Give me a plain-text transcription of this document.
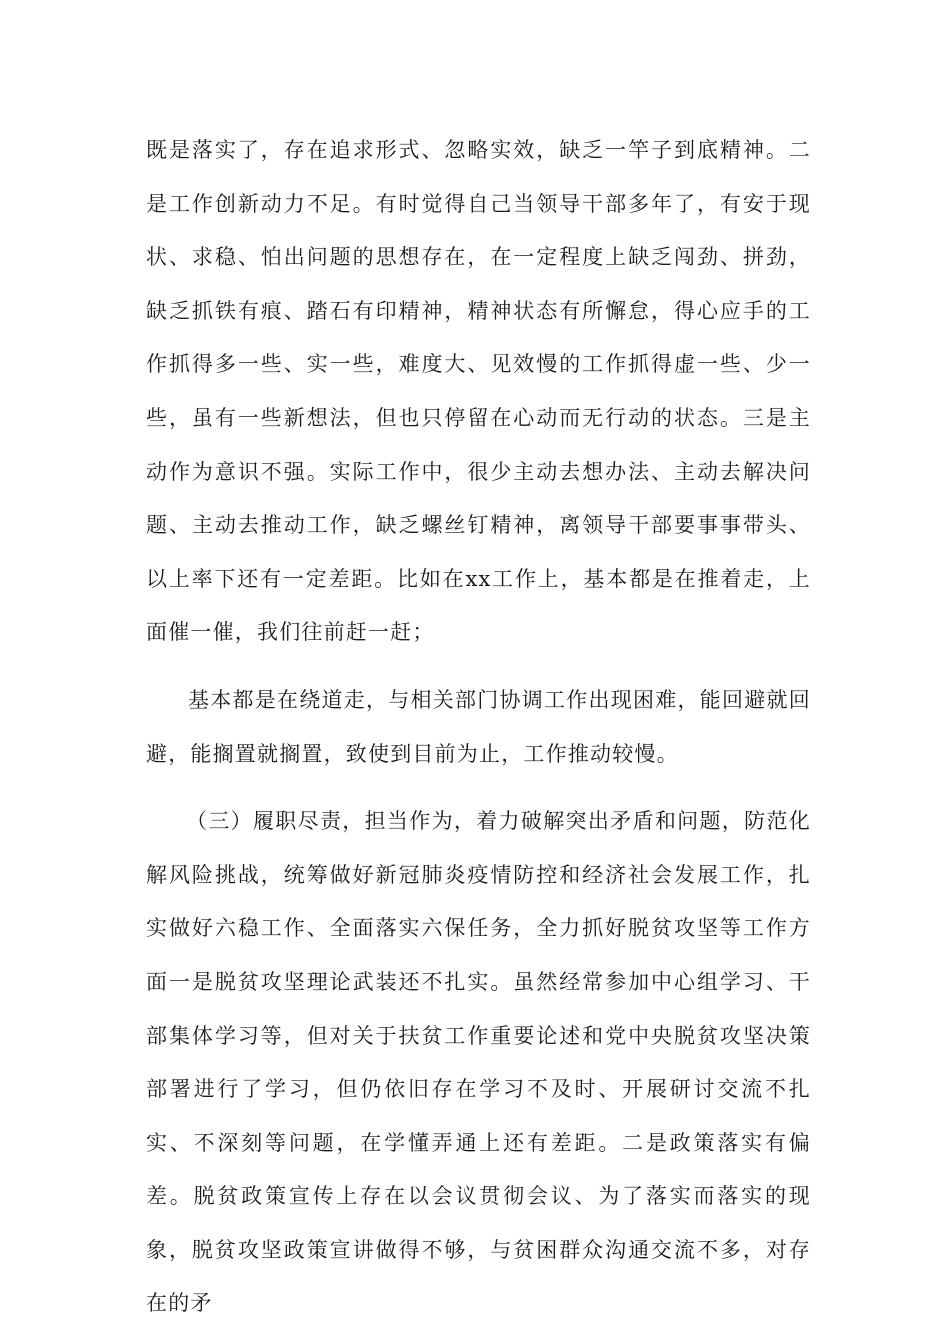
既是落实了，存在追求形式、忽略实效，缺乏一竿子到底精神。二是工作创新动力不足。有时觉得自己当领导干部多年了，有安于现状、求稳、怕出问题的思想存在，在一定程度上缺乏闯劲、拼劲，缺乏抓铁有痕、踏石有印精神，精神状态有所懈怠，得心应手的工作抓得多一些、实一些，难度大、见效慢的工作抓得虚一些、少一些，虽有一些新想法，但也只停留在心动而无行动的状态。三是主动作为意识不强。实际工作中，很少主动去想办法、主动去解决问题、主动去推动工作，缺乏螺丝钉精神，离领导干部要事事带头、以上率下还有一定差距。比如在xx工作上，基本都是在推着走，上面催一催，我们往前赶一赶；

基本都是在绕道走，与相关部门协调工作出现困难，能回避就回避，能搁置就搁置，致使到目前为止，工作推动较慢。

（三）履职尽责，担当作为，着力破解突出矛盾和问题，防范化解风险挑战，统筹做好新冠肺炎疫情防控和经济社会发展工作，扎实做好六稳工作、全面落实六保任务，全力抓好脱贫攻坚等工作方面一是脱贫攻坚理论武装还不扎实。虽然经常参加中心组学习、干部集体学习等，但对关于扶贫工作重要论述和党中央脱贫攻坚决策部署进行了学习，但仍依旧存在学习不及时、开展研讨交流不扎实、不深刻等问题，在学懂弄通上还有差距。二是政策落实有偏差。脱贫政策宣传上存在以会议贯彻会议、为了落实而落实的现象，脱贫攻坚政策宣讲做得不够，与贫困群众沟通交流不多，对存在的矛
